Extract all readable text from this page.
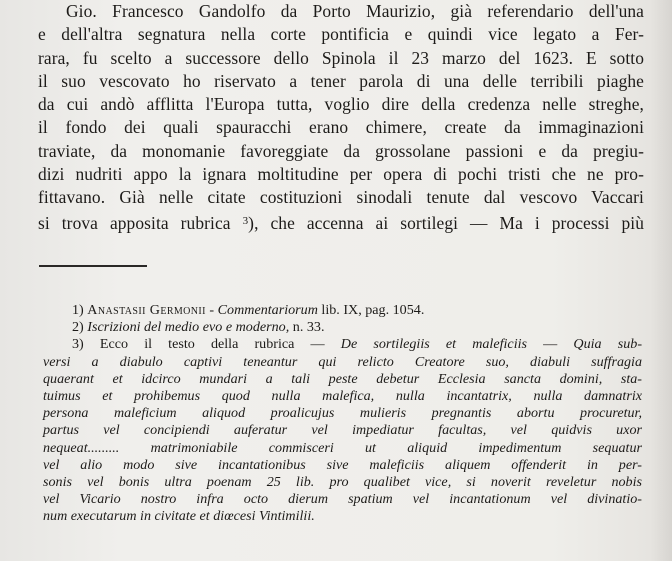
Gio. Francesco Gandolfo da Porto Maurizio, già referendario dell'una
e dell'altra segnatura nella corte pontificia e quindi vice legato a Fer-
rara, fu scelto a successore dello Spinola il 23 marzo del 1623. E sotto
il suo vescovato ho riservato a tener parola di una delle terribili piaghe
da cui andò afflitta l'Europa tutta, voglio dire della credenza nelle streghe,
il fondo dei quali spauracchi erano chimere, create da immaginazioni
traviate, da monomanie favoreggiate da grossolane passioni e da pregiu-
dizi nudriti appo la ignara moltitudine per opera di pochi tristi che ne pro-
fittavano. Già nelle citate costituzioni sinodali tenute dal vescovo Vaccari
si trova apposita rubrica $^3$), che accenna ai sortilegi — Ma i processi più
1) Anastasii Germonii - Commentariorum lib. IX, pag. 1054.
2) Iscrizioni del medio evo e moderno, n. 33.
3) Ecco il testo della rubrica — De sortilegiis et maleficiis — Quia sub-
versi a diabulo captivi teneantur qui relicto Creatore suo, diabuli suffragia
quaerant et idcirco mundari a tali peste debetur Ecclesia sancta domini, sta-
tuimus et prohibemus quod nulla malefica, nulla incantatrix, nulla damnatrix
persona maleficium aliquod proalicujus mulieris pregnantis abortu procuretur,
partus vel concipiendi auferatur vel impediatur facultas, vel quidvis uxor
nequeat......... matrimoniabile commisceri ut aliquid impedimentum sequatur
vel alio modo sive incantationibus sive maleficiis aliquem offenderit in per-
sonis vel bonis ultra poenam 25 lib. pro qualibet vice, si noverit reveletur nobis
vel Vicario nostro infra octo dierum spatium vel incantationum vel divinatio-
num executarum in civitate et diœcesi Vintimilii.
